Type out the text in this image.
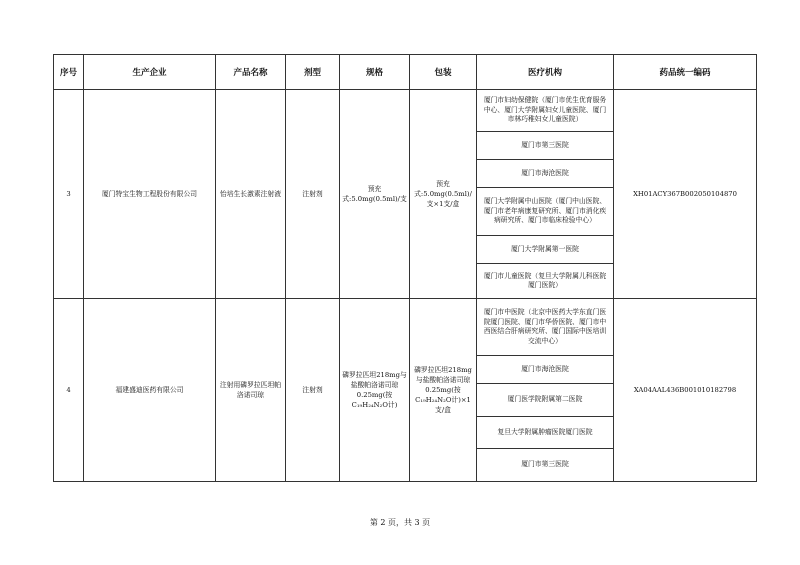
序号	生产企业	产品名称	剂型	规格	包装	医疗机构	药品统一编码
3	厦门特宝生物工程股份有限公司	怡培生长激素注射液	注射剂	预充式:5.0mg(0.5ml)/支	预充式:5.0mg(0.5ml)/支×1支/盒	厦门市妇幼保健院（厦门市优生优育服务中心、厦门大学附属妇女儿童医院、厦门市林巧稚妇女儿童医院）	XH01ACY367B002050104870
						厦门市第三医院	
						厦门市海沧医院	
						厦门大学附属中山医院（厦门中山医院、厦门市老年病康复研究所、厦门市消化疾病研究所、厦门市临床检验中心）	
						厦门大学附属第一医院	
						厦门市儿童医院（复旦大学附属儿科医院厦门医院）	
4	福建盛迪医药有限公司	注射用磷罗拉匹坦帕洛诺司琼	注射剂	磷罗拉匹坦218mg与盐酸帕洛诺司琼0.25mg(按C₁₉H₂₄N₂O计)	磷罗拉匹坦218mg与盐酸帕洛诺司琼0.25mg(按C₁₉H₂₄N₂O计)×1支/盒	厦门市中医院（北京中医药大学东直门医院厦门医院、厦门市华侨医院、厦门市中西医结合肝病研究所、厦门国际中医培训交流中心）	XA04AAL436B001010182798
						厦门市海沧医院	
						厦门医学院附属第二医院	
						复旦大学附属肿瘤医院厦门医院	
						厦门市第三医院	
第 2 页，共 3 页
